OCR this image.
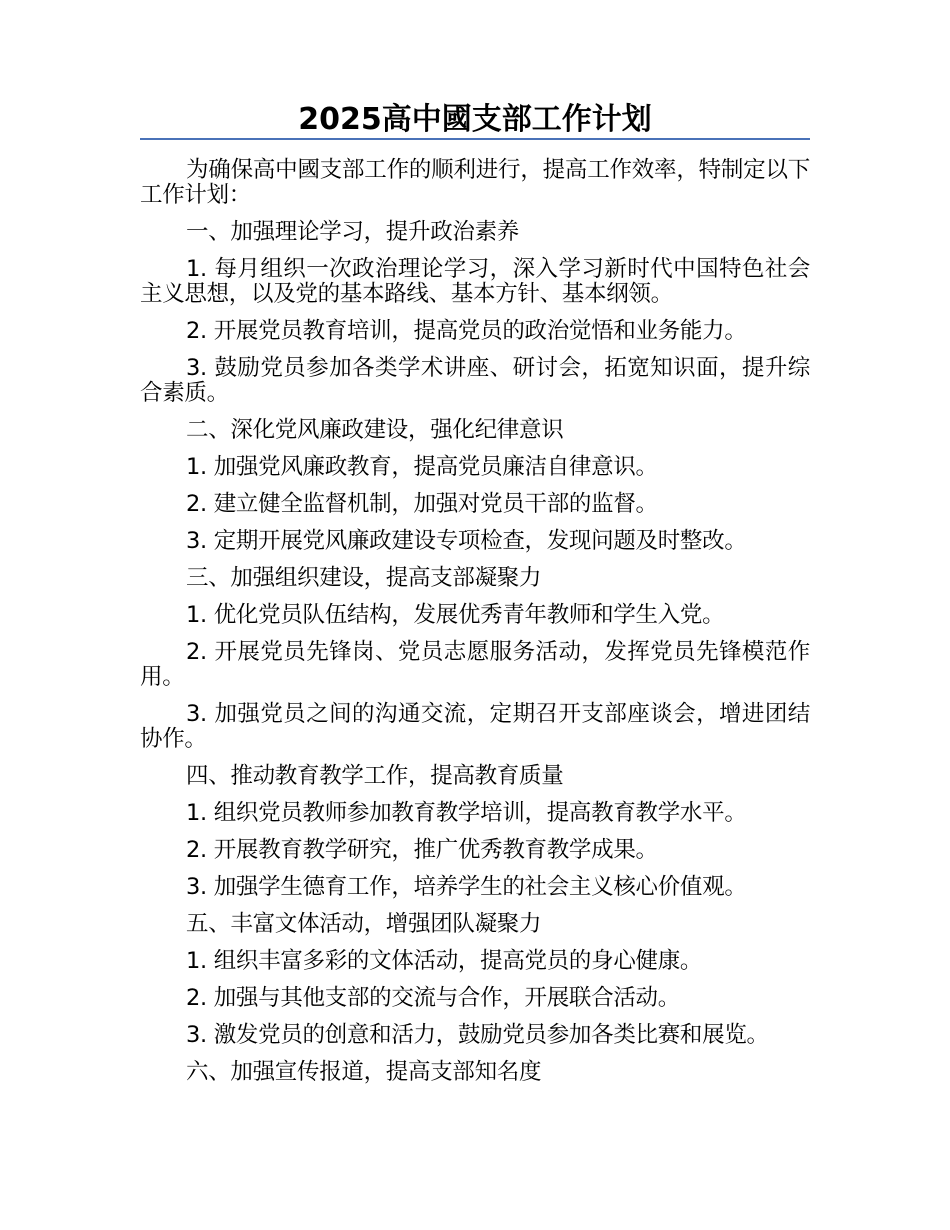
2025高中國支部工作计划

为确保高中國支部工作的顺利进行，提高工作效率，特制定以下工作计划：

一、加强理论学习，提升政治素养

1. 每月组织一次政治理论学习，深入学习新时代中国特色社会主义思想，以及党的基本路线、基本方针、基本纲领。

2. 开展党员教育培训，提高党员的政治觉悟和业务能力。

3. 鼓励党员参加各类学术讲座、研讨会，拓宽知识面，提升综合素质。

二、深化党风廉政建设，强化纪律意识

1. 加强党风廉政教育，提高党员廉洁自律意识。

2. 建立健全监督机制，加强对党员干部的监督。

3. 定期开展党风廉政建设专项检查，发现问题及时整改。

三、加强组织建设，提高支部凝聚力

1. 优化党员队伍结构，发展优秀青年教师和学生入党。

2. 开展党员先锋岗、党员志愿服务活动，发挥党员先锋模范作用。

3. 加强党员之间的沟通交流，定期召开支部座谈会，增进团结协作。

四、推动教育教学工作，提高教育质量

1. 组织党员教师参加教育教学培训，提高教育教学水平。

2. 开展教育教学研究，推广优秀教育教学成果。

3. 加强学生德育工作，培养学生的社会主义核心价值观。

五、丰富文体活动，增强团队凝聚力

1. 组织丰富多彩的文体活动，提高党员的身心健康。

2. 加强与其他支部的交流与合作，开展联合活动。

3. 激发党员的创意和活力，鼓励党员参加各类比赛和展览。

六、加强宣传报道，提高支部知名度
